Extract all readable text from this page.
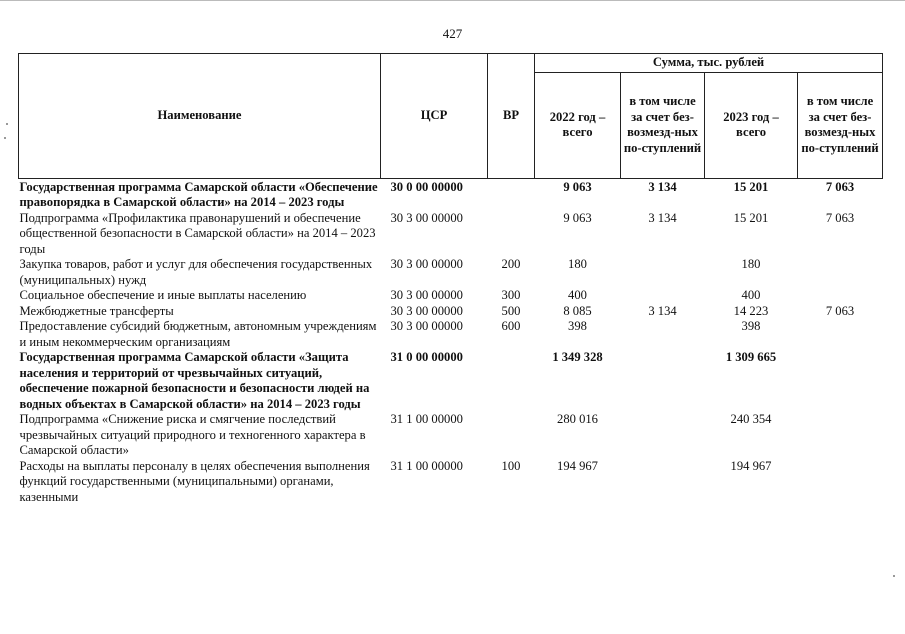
427
Наименование	ЦСР	ВР	Сумма, тыс. рублей			
			2022 год – всего	в том числе за счет без-возмезд-ных по-ступлений	2023 год – всего	в том числе за счет без-возмезд-ных по-ступлений
Государственная программа Самарской области «Обеспечение правопорядка в Самарской области» на 2014 – 2023 годы	30 0 00 00000		9 063	3 134	15 201	7 063
Подпрограмма «Профилактика правонарушений и обеспечение общественной безопасности в Самарской области» на 2014 – 2023 годы	30 3 00 00000		9 063	3 134	15 201	7 063
Закупка товаров, работ и услуг для обеспечения государственных (муниципальных) нужд	30 3 00 00000	200	180		180	
Социальное обеспечение и иные выплаты населению	30 3 00 00000	300	400		400	
Межбюджетные трансферты	30 3 00 00000	500	8 085	3 134	14 223	7 063
Предоставление субсидий бюджетным, автономным учреждениям и иным некоммерческим организациям	30 3 00 00000	600	398		398	
Государственная программа Самарской области «Защита населения и территорий от чрезвычайных ситуаций, обеспечение пожарной безопасности и безопасности людей на водных объектах в Самарской области» на 2014 – 2023 годы	31 0 00 00000		1 349 328		1 309 665	
Подпрограмма «Снижение риска и смягчение последствий чрезвычайных ситуаций природного и техногенного характера в Самарской области»	31 1 00 00000		280 016		240 354	
Расходы на выплаты персоналу в целях обеспечения выполнения функций государственными (муниципальными) органами, казенными	31 1 00 00000	100	194 967		194 967	
